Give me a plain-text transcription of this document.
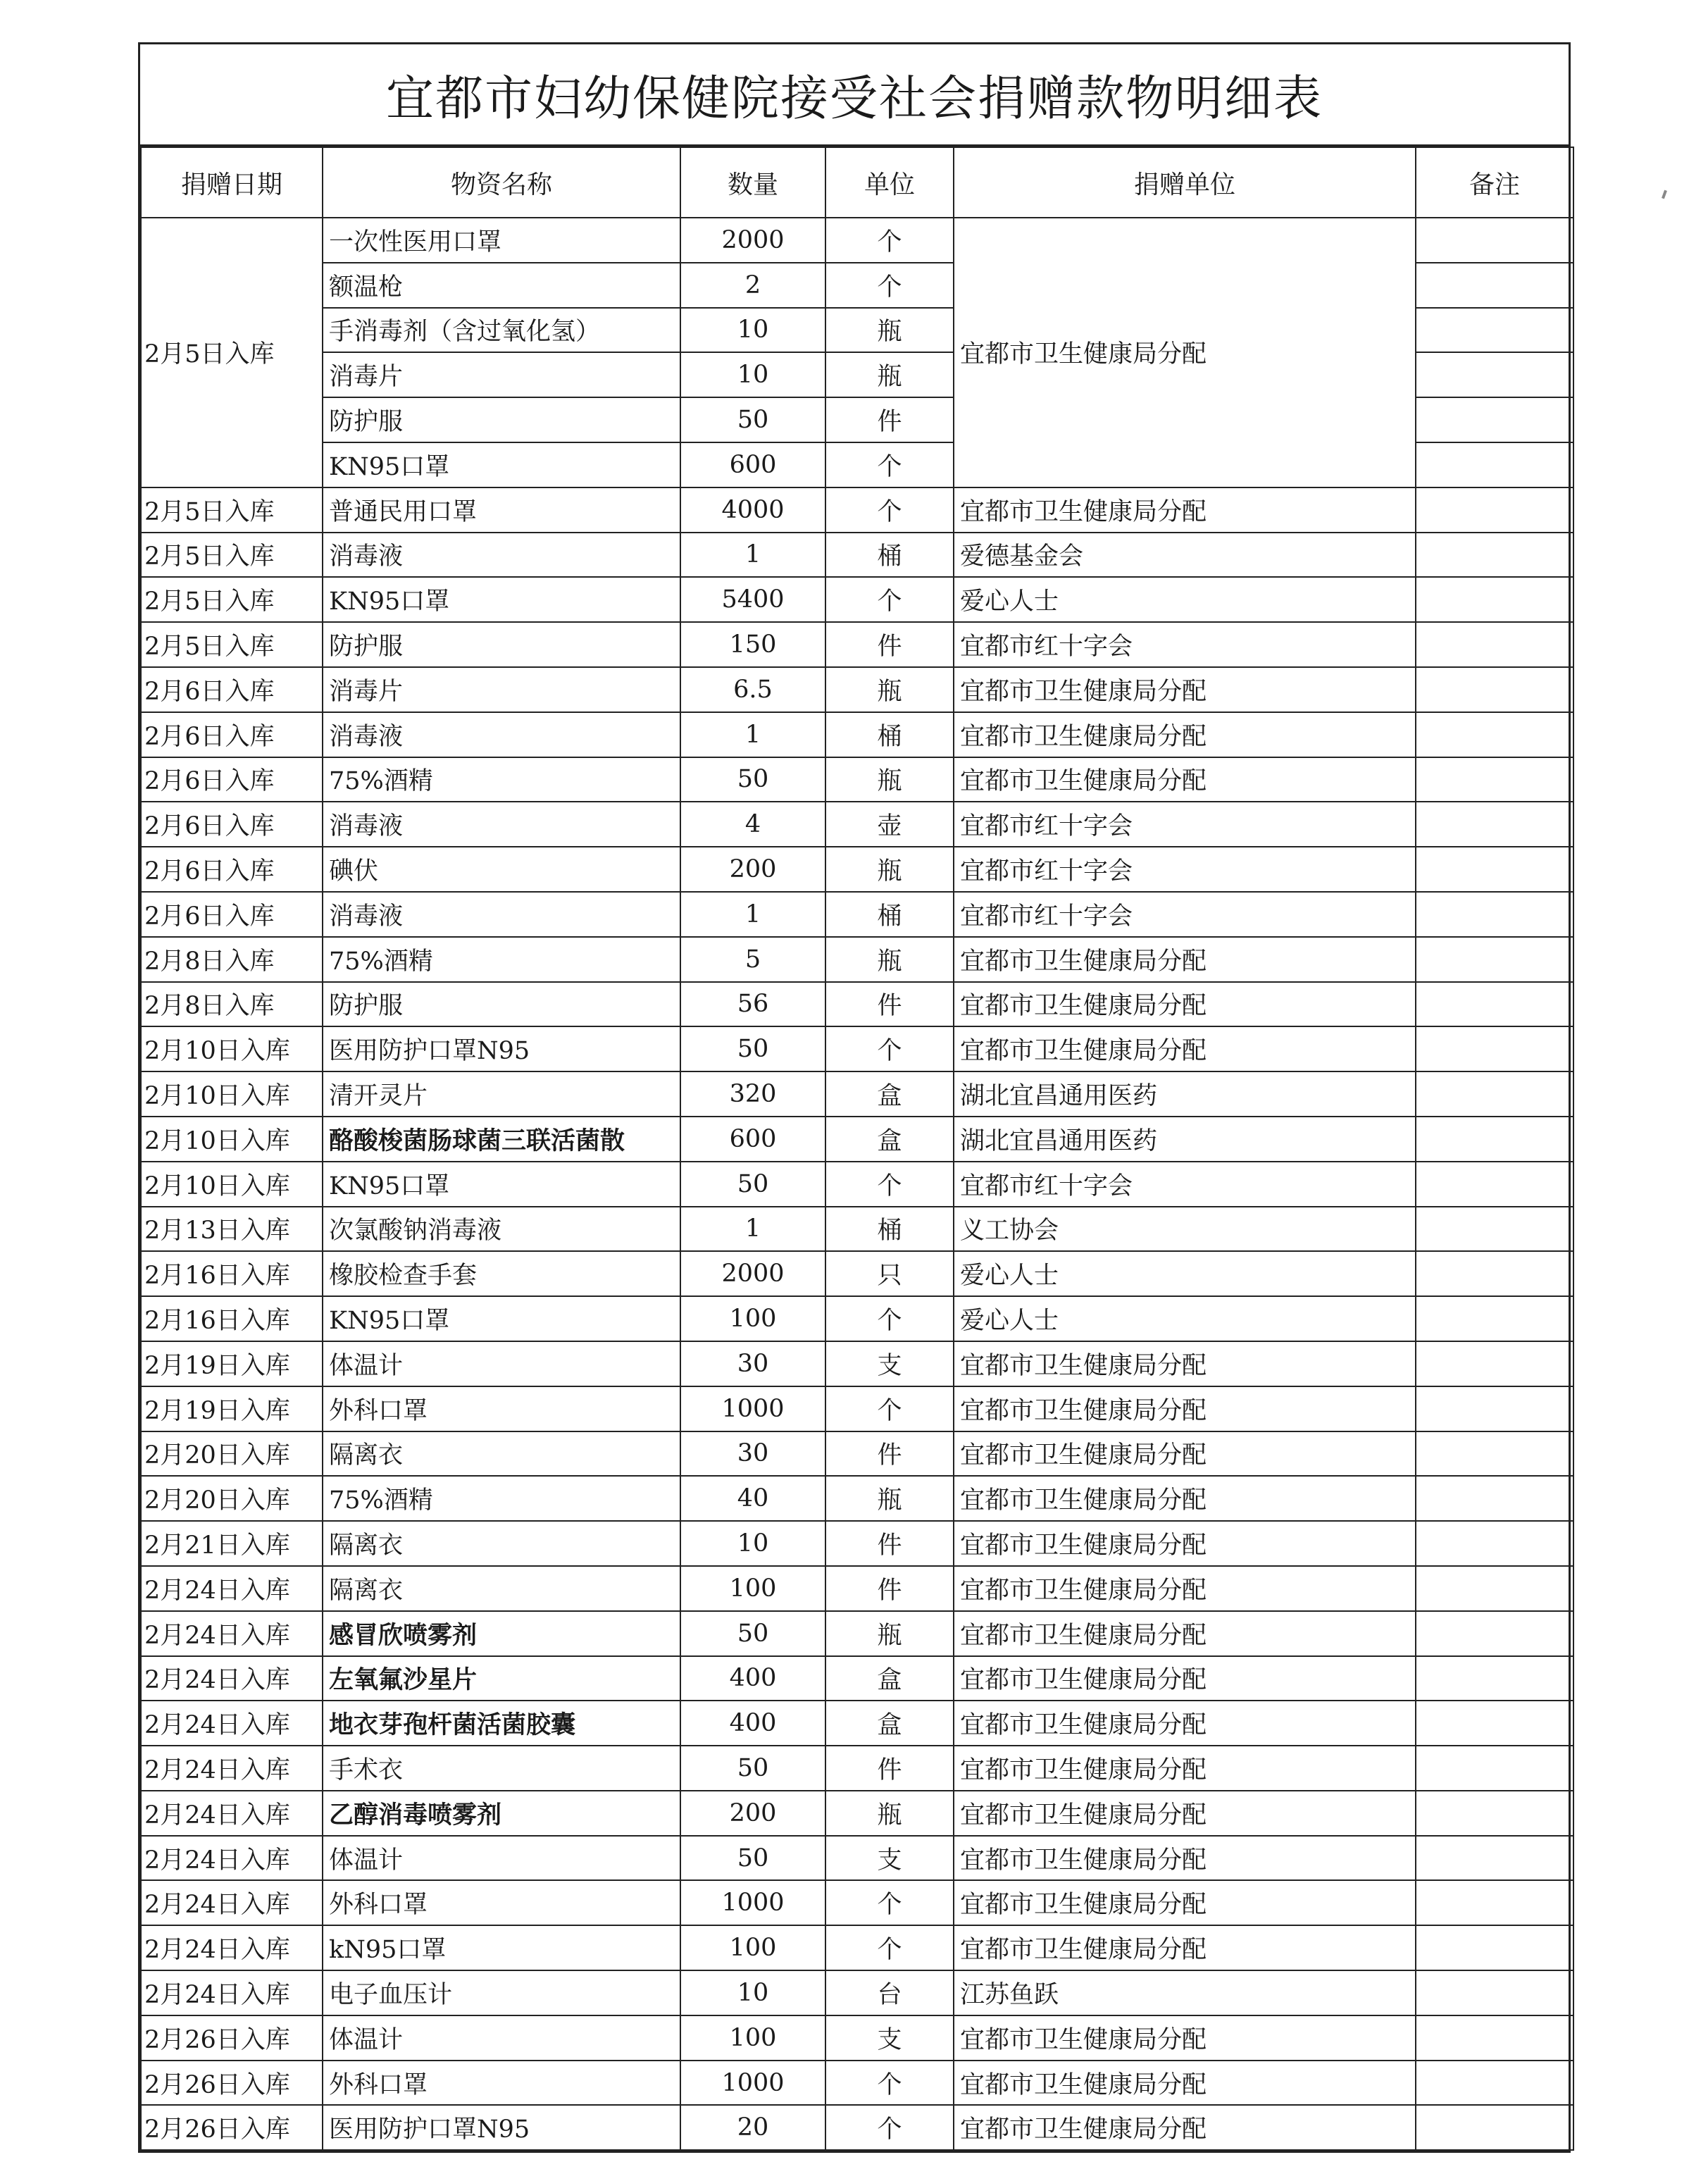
宜都市妇幼保健院接受社会捐赠款物明细表
捐赠日期	物资名称	数量	单位	捐赠单位	备注
2月5日入库	一次性医用口罩	2000	个	宜都市卫生健康局分配	
	额温枪	2	个		
	手消毒剂（含过氧化氢）	10	瓶		
	消毒片	10	瓶		
	防护服	50	件		
	KN95口罩	600	个		
2月5日入库	普通民用口罩	4000	个	宜都市卫生健康局分配	
2月5日入库	消毒液	1	桶	爱德基金会	
2月5日入库	KN95口罩	5400	个	爱心人士	
2月5日入库	防护服	150	件	宜都市红十字会	
2月6日入库	消毒片	6.5	瓶	宜都市卫生健康局分配	
2月6日入库	消毒液	1	桶	宜都市卫生健康局分配	
2月6日入库	75%酒精	50	瓶	宜都市卫生健康局分配	
2月6日入库	消毒液	4	壶	宜都市红十字会	
2月6日入库	碘伏	200	瓶	宜都市红十字会	
2月6日入库	消毒液	1	桶	宜都市红十字会	
2月8日入库	75%酒精	5	瓶	宜都市卫生健康局分配	
2月8日入库	防护服	56	件	宜都市卫生健康局分配	
2月10日入库	医用防护口罩N95	50	个	宜都市卫生健康局分配	
2月10日入库	清开灵片	320	盒	湖北宜昌通用医药	
2月10日入库	酪酸梭菌肠球菌三联活菌散	600	盒	湖北宜昌通用医药	
2月10日入库	KN95口罩	50	个	宜都市红十字会	
2月13日入库	次氯酸钠消毒液	1	桶	义工协会	
2月16日入库	橡胶检查手套	2000	只	爱心人士	
2月16日入库	KN95口罩	100	个	爱心人士	
2月19日入库	体温计	30	支	宜都市卫生健康局分配	
2月19日入库	外科口罩	1000	个	宜都市卫生健康局分配	
2月20日入库	隔离衣	30	件	宜都市卫生健康局分配	
2月20日入库	75%酒精	40	瓶	宜都市卫生健康局分配	
2月21日入库	隔离衣	10	件	宜都市卫生健康局分配	
2月24日入库	隔离衣	100	件	宜都市卫生健康局分配	
2月24日入库	感冒欣喷雾剂	50	瓶	宜都市卫生健康局分配	
2月24日入库	左氧氟沙星片	400	盒	宜都市卫生健康局分配	
2月24日入库	地衣芽孢杆菌活菌胶囊	400	盒	宜都市卫生健康局分配	
2月24日入库	手术衣	50	件	宜都市卫生健康局分配	
2月24日入库	乙醇消毒喷雾剂	200	瓶	宜都市卫生健康局分配	
2月24日入库	体温计	50	支	宜都市卫生健康局分配	
2月24日入库	外科口罩	1000	个	宜都市卫生健康局分配	
2月24日入库	kN95口罩	100	个	宜都市卫生健康局分配	
2月24日入库	电子血压计	10	台	江苏鱼跃	
2月26日入库	体温计	100	支	宜都市卫生健康局分配	
2月26日入库	外科口罩	1000	个	宜都市卫生健康局分配	
2月26日入库	医用防护口罩N95	20	个	宜都市卫生健康局分配	
